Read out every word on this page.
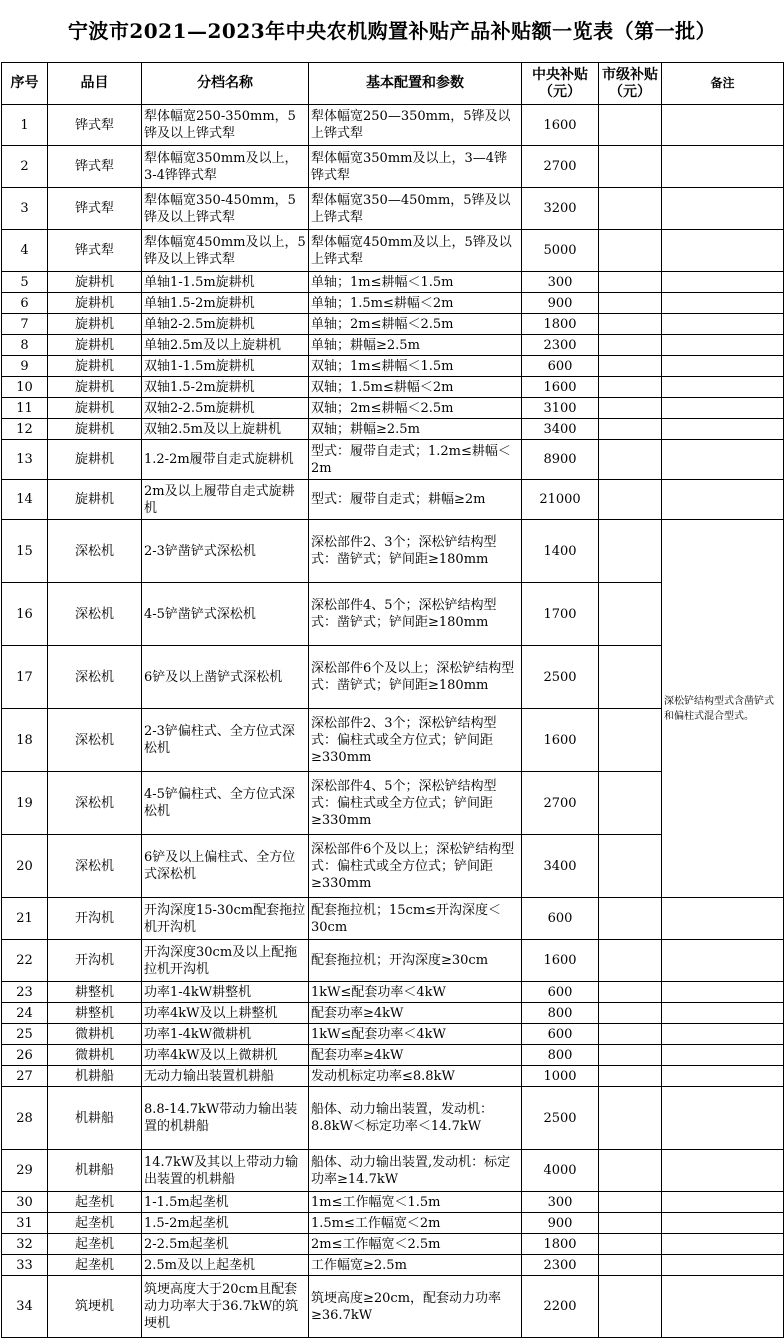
宁波市2021—2023年中央农机购置补贴产品补贴额一览表（第一批）
序号	品目	分档名称	基本配置和参数	中央补贴（元）	市级补贴（元）	备注
1	铧式犁	犁体幅宽250-350mm，5铧及以上铧式犁	犁体幅宽250—350mm，5铧及以上铧式犁	1600		
2	铧式犁	犁体幅宽350mm及以上，3-4铧铧式犁	犁体幅宽350mm及以上，3—4铧铧式犁	2700		
3	铧式犁	犁体幅宽350-450mm，5铧及以上铧式犁	犁体幅宽350—450mm，5铧及以上铧式犁	3200		
4	铧式犁	犁体幅宽450mm及以上，5铧及以上铧式犁	犁体幅宽450mm及以上，5铧及以上铧式犁	5000		
5	旋耕机	单轴1-1.5m旋耕机	单轴；1m≤耕幅＜1.5m	300		
6	旋耕机	单轴1.5-2m旋耕机	单轴；1.5m≤耕幅＜2m	900		
7	旋耕机	单轴2-2.5m旋耕机	单轴；2m≤耕幅＜2.5m	1800		
8	旋耕机	单轴2.5m及以上旋耕机	单轴；耕幅≥2.5m	2300		
9	旋耕机	双轴1-1.5m旋耕机	双轴；1m≤耕幅＜1.5m	600		
10	旋耕机	双轴1.5-2m旋耕机	双轴；1.5m≤耕幅＜2m	1600		
11	旋耕机	双轴2-2.5m旋耕机	双轴；2m≤耕幅＜2.5m	3100		
12	旋耕机	双轴2.5m及以上旋耕机	双轴；耕幅≥2.5m	3400		
13	旋耕机	1.2-2m履带自走式旋耕机	型式：履带自走式；1.2m≤耕幅＜2m	8900		
14	旋耕机	2m及以上履带自走式旋耕机	型式：履带自走式；耕幅≥2m	21000		
15	深松机	2-3铲凿铲式深松机	深松部件2、3个；深松铲结构型式：凿铲式；铲间距≥180mm	1400		深松铲结构型式含凿铲式和偏柱式混合型式。
16	深松机	4-5铲凿铲式深松机	深松部件4、5个；深松铲结构型式：凿铲式；铲间距≥180mm	1700		
17	深松机	6铲及以上凿铲式深松机	深松部件6个及以上；深松铲结构型式：凿铲式；铲间距≥180mm	2500		
18	深松机	2-3铲偏柱式、全方位式深松机	深松部件2、3个；深松铲结构型式：偏柱式或全方位式；铲间距≥330mm	1600		
19	深松机	4-5铲偏柱式、全方位式深松机	深松部件4、5个；深松铲结构型式：偏柱式或全方位式；铲间距≥330mm	2700		
20	深松机	6铲及以上偏柱式、全方位式深松机	深松部件6个及以上；深松铲结构型式：偏柱式或全方位式；铲间距≥330mm	3400		
21	开沟机	开沟深度15-30cm配套拖拉机开沟机	配套拖拉机；15cm≤开沟深度＜30cm	600		
22	开沟机	开沟深度30cm及以上配拖拉机开沟机	配套拖拉机；开沟深度≥30cm	1600		
23	耕整机	功率1-4kW耕整机	1kW≤配套功率＜4kW	600		
24	耕整机	功率4kW及以上耕整机	配套功率≥4kW	800		
25	微耕机	功率1-4kW微耕机	1kW≤配套功率＜4kW	600		
26	微耕机	功率4kW及以上微耕机	配套功率≥4kW	800		
27	机耕船	无动力输出装置机耕船	发动机标定功率≤8.8kW	1000		
28	机耕船	8.8-14.7kW带动力输出装置的机耕船	船体、动力输出装置，发动机：8.8kW＜标定功率＜14.7kW	2500		
29	机耕船	14.7kW及其以上带动力输出装置的机耕船	船体、动力输出装置,发动机：标定功率≥14.7kW	4000		
30	起垄机	1-1.5m起垄机	1m≤工作幅宽＜1.5m	300		
31	起垄机	1.5-2m起垄机	1.5m≤工作幅宽＜2m	900		
32	起垄机	2-2.5m起垄机	2m≤工作幅宽＜2.5m	1800		
33	起垄机	2.5m及以上起垄机	工作幅宽≥2.5m	2300		
34	筑埂机	筑埂高度大于20cm且配套动力功率大于36.7kW的筑埂机	筑埂高度≥20cm，配套动力功率≥36.7kW	2200		
